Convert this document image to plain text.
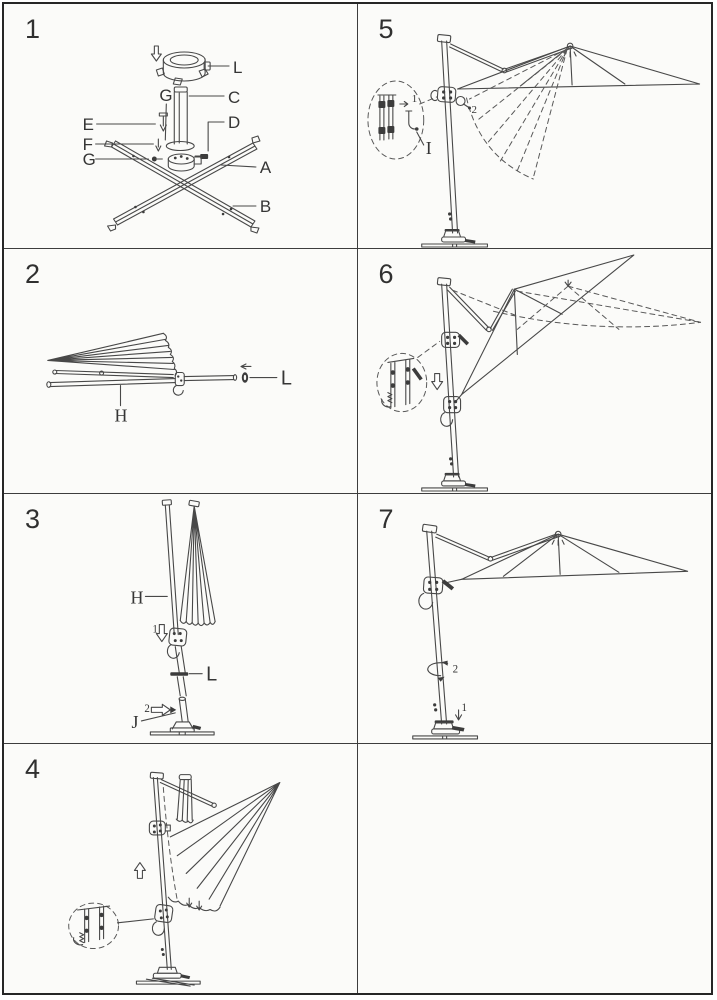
1
L
G	C
E	D
F
G	A
B
5
2
1
I
2
L
H
6
3
H
1
L
2
J
7
2
1
4
